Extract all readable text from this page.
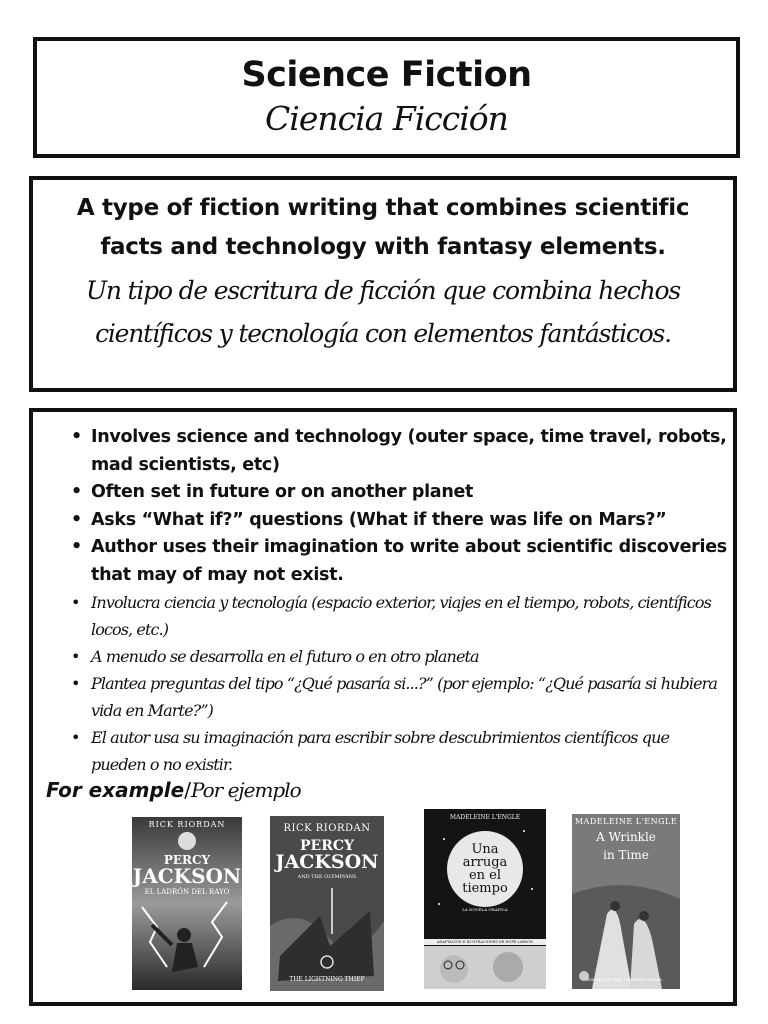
Science Fiction
Ciencia Ficción
A type of fiction writing that combines scientific facts and technology with fantasy elements.
Un tipo de escritura de ficción que combina hechos científicos y tecnología con elementos fantásticos.
• Involves science and technology (outer space, time travel, robots, mad scientists, etc)
• Often set in future or on another planet
• Asks “What if?” questions (What if there was life on Mars?”
• Author uses their imagination to write about scientific discoveries that may of may not exist.
• Involucra ciencia y tecnología (espacio exterior, viajes en el tiempo, robots, científicos locos, etc.)
• A menudo se desarrolla en el futuro o en otro planeta
• Plantea preguntas del tipo “¿Qué pasaría si...?” (por ejemplo: “¿Qué pasaría si hubiera vida en Marte?”)
• El autor usa su imaginación para escribir sobre descubrimientos científicos que pueden o no existir.
For example/Por ejemplo
RICK RIORDAN
PERCY
JACKSON
EL LADRÓN DEL RAYO
RICK RIORDAN
PERCY
JACKSON
AND THE OLYMPIANS
THE LIGHTNING THIEF
MADELEINE L'ENGLE
Una
arruga
en el
tiempo
LA NOVELA GRÁFICA
ADAPTACIÓN E ILUSTRACIONES DE HOPE LARSON
MADELEINE L'ENGLE
A Wrinkle
in Time
WINNER OF THE NEWBERY MEDAL
